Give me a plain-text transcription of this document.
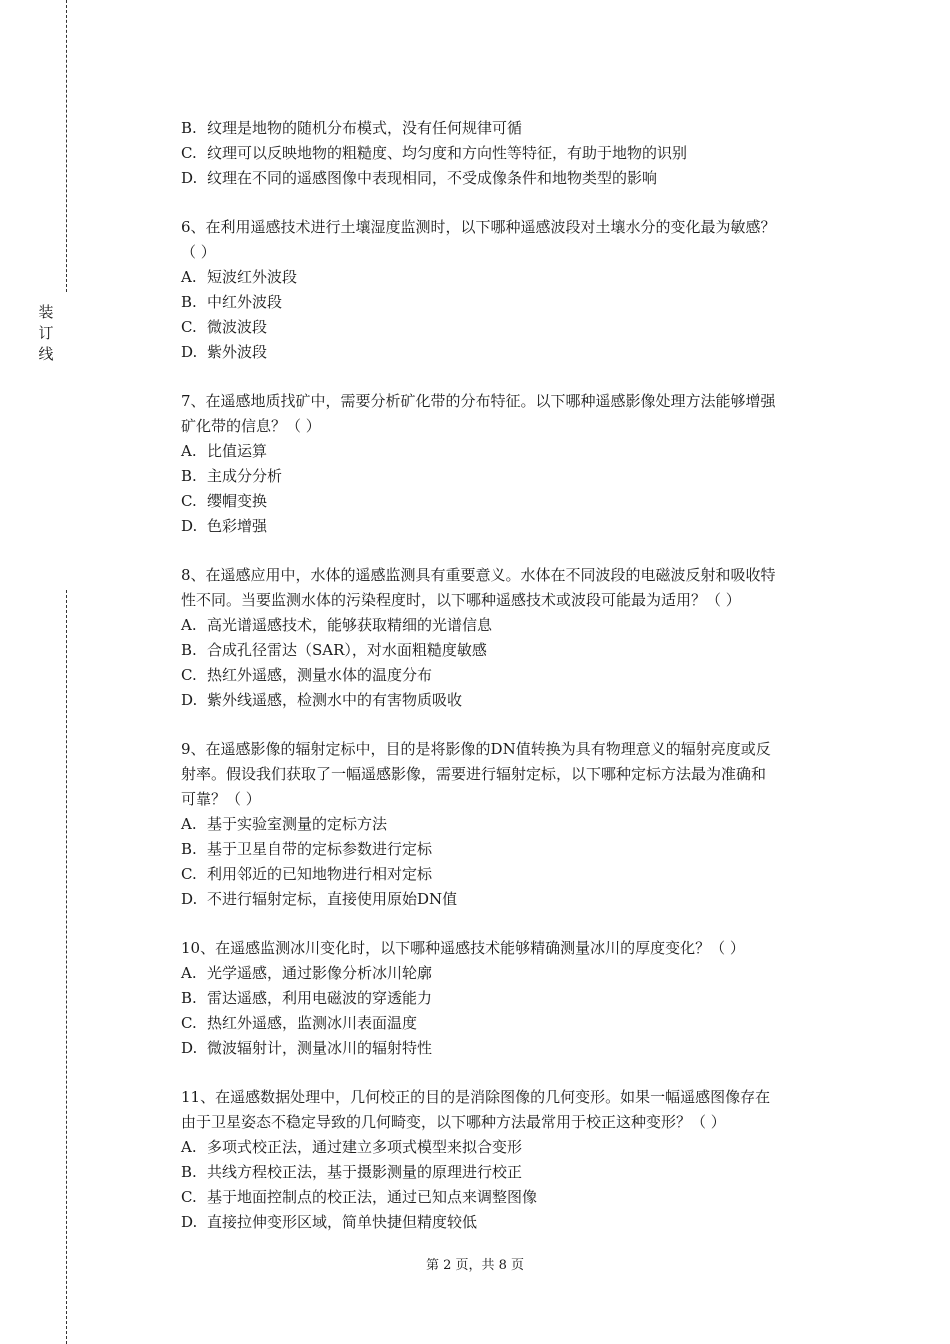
装
订
线
B. 纹理是地物的随机分布模式，没有任何规律可循
C. 纹理可以反映地物的粗糙度、均匀度和方向性等特征，有助于地物的识别
D. 纹理在不同的遥感图像中表现相同，不受成像条件和地物类型的影响
6、在利用遥感技术进行土壤湿度监测时，以下哪种遥感波段对土壤水分的变化最为敏感？
（ ）
A. 短波红外波段
B. 中红外波段
C. 微波波段
D. 紫外波段
7、在遥感地质找矿中，需要分析矿化带的分布特征。以下哪种遥感影像处理方法能够增强
矿化带的信息？（ ）
A. 比值运算
B. 主成分分析
C. 缨帽变换
D. 色彩增强
8、在遥感应用中，水体的遥感监测具有重要意义。水体在不同波段的电磁波反射和吸收特
性不同。当要监测水体的污染程度时，以下哪种遥感技术或波段可能最为适用？（ ）
A. 高光谱遥感技术，能够获取精细的光谱信息
B. 合成孔径雷达（SAR），对水面粗糙度敏感
C. 热红外遥感，测量水体的温度分布
D. 紫外线遥感，检测水中的有害物质吸收
9、在遥感影像的辐射定标中，目的是将影像的DN值转换为具有物理意义的辐射亮度或反
射率。假设我们获取了一幅遥感影像，需要进行辐射定标，以下哪种定标方法最为准确和
可靠？（ ）
A. 基于实验室测量的定标方法
B. 基于卫星自带的定标参数进行定标
C. 利用邻近的已知地物进行相对定标
D. 不进行辐射定标，直接使用原始DN值
10、在遥感监测冰川变化时，以下哪种遥感技术能够精确测量冰川的厚度变化？（ ）
A. 光学遥感，通过影像分析冰川轮廓
B. 雷达遥感，利用电磁波的穿透能力
C. 热红外遥感，监测冰川表面温度
D. 微波辐射计，测量冰川的辐射特性
11、在遥感数据处理中，几何校正的目的是消除图像的几何变形。如果一幅遥感图像存在
由于卫星姿态不稳定导致的几何畸变，以下哪种方法最常用于校正这种变形？（ ）
A. 多项式校正法，通过建立多项式模型来拟合变形
B. 共线方程校正法，基于摄影测量的原理进行校正
C. 基于地面控制点的校正法，通过已知点来调整图像
D. 直接拉伸变形区域，简单快捷但精度较低
第 2 页，共 8 页
